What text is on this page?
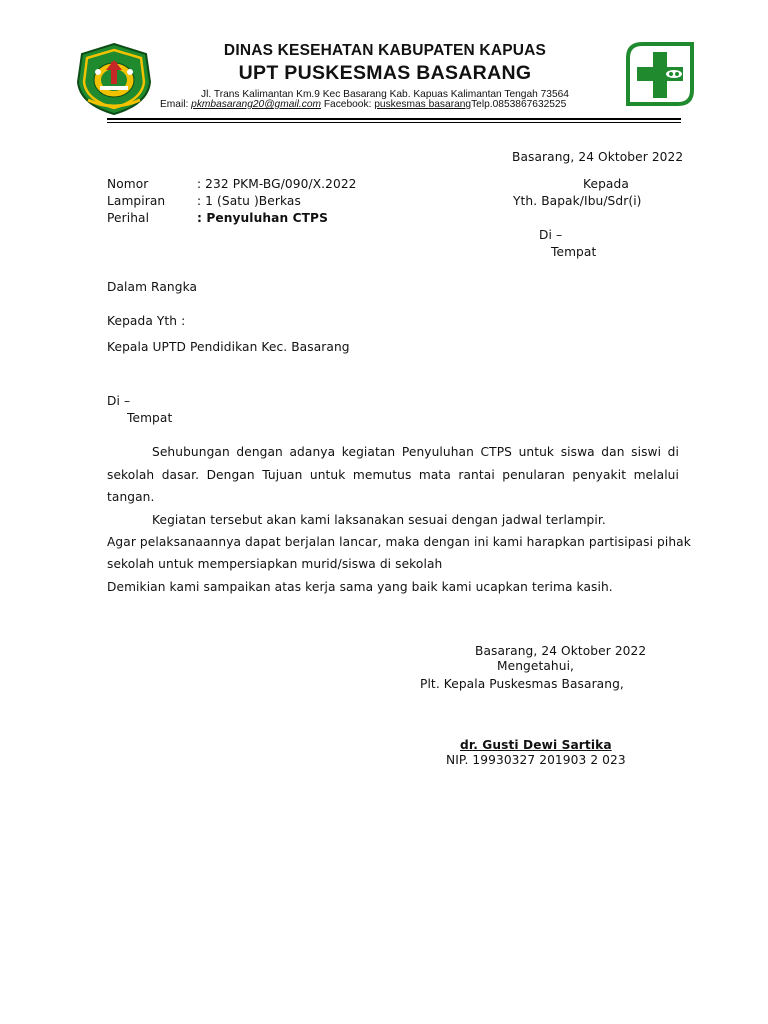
DINAS KESEHATAN KABUPATEN KAPUAS
UPT PUSKESMAS BASARANG
Jl. Trans Kalimantan Km.9 Kec Basarang Kab. Kapuas Kalimantan Tengah 73564
Email: pkmbasarang20@gmail.com Facebook: puskesmas basarangTelp.0853867632525
Basarang, 24 Oktober 2022
Nomor	: 232 PKM-BG/090/X.2022
Lampiran	: 1 (Satu )Berkas
Perihal	: Penyuluhan CTPS
Kepada
Yth. Bapak/Ibu/Sdr(i)
Di –
Tempat
Dalam Rangka
Kepada Yth :
Kepala UPTD Pendidikan Kec. Basarang
Di –
Tempat
Sehubungan dengan adanya kegiatan Penyuluhan CTPS untuk siswa dan siswi di
sekolah dasar. Dengan Tujuan untuk memutus mata rantai penularan penyakit melalui
tangan.
Kegiatan tersebut akan kami laksanakan sesuai dengan jadwal terlampir.
Agar pelaksanaannya dapat berjalan lancar, maka dengan ini kami harapkan partisipasi pihak
sekolah untuk mempersiapkan murid/siswa di sekolah
Demikian kami sampaikan atas kerja sama yang baik kami ucapkan terima kasih.
Basarang, 24 Oktober 2022
Mengetahui,
Plt. Kepala Puskesmas Basarang,
dr. Gusti Dewi Sartika
NIP. 19930327 201903 2 023
